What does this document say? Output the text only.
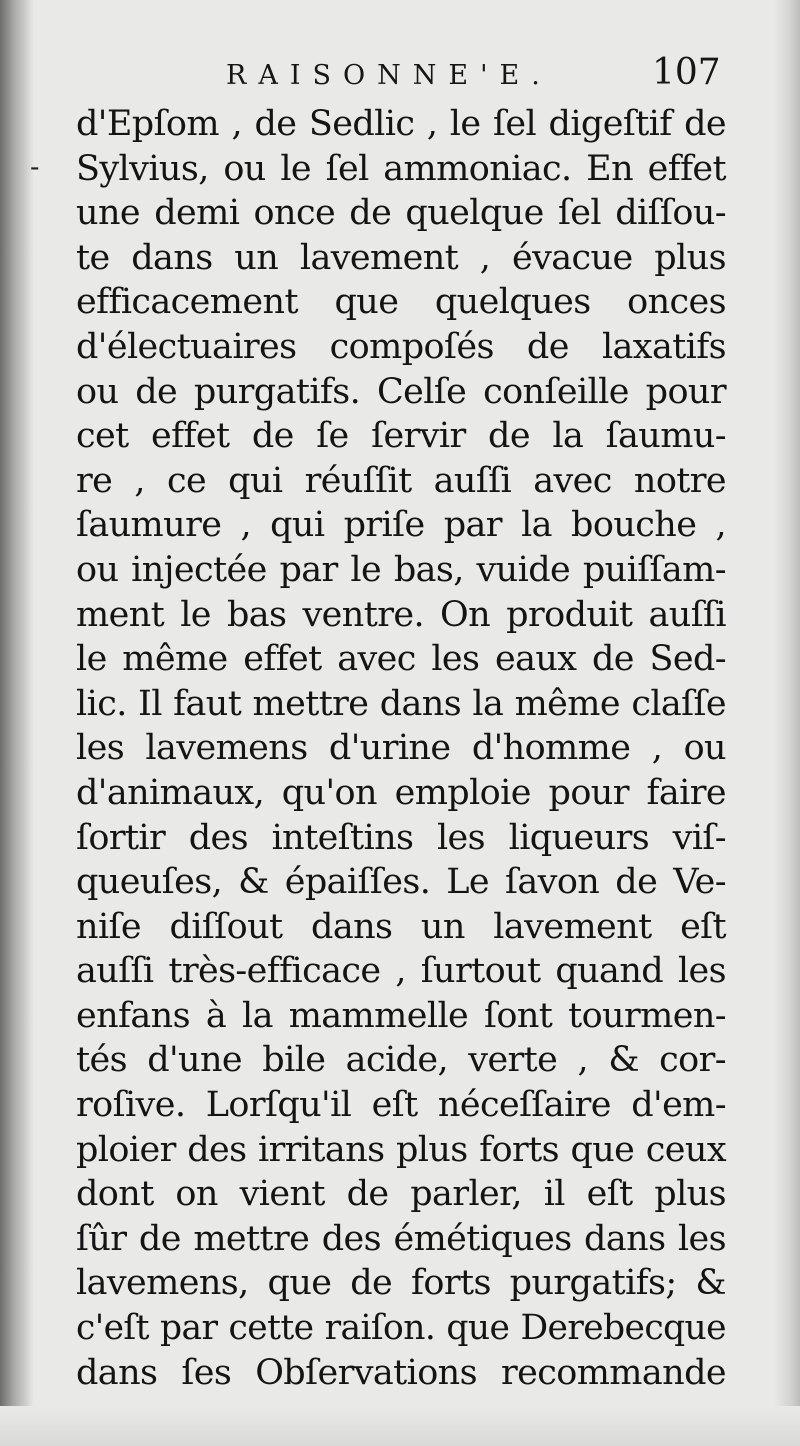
RAISONNE'E.	107
-
d'Epſom , de Sedlic , le ſel digeſtif de
Sylvius, ou le ſel ammoniac. En effet
une demi once de quelque ſel diſſou-
te dans un lavement , évacue plus
efficacement que quelques onces
d'électuaires compoſés de laxatifs
ou de purgatifs. Celſe conſeille pour
cet effet de ſe ſervir de la ſaumu-
re , ce qui réuſſit auſſi avec notre
ſaumure , qui priſe par la bouche ,
ou injectée par le bas, vuide puiſſam-
ment le bas ventre. On produit auſſi
le même effet avec les eaux de Sed-
lic. Il faut mettre dans la même claſſe
les lavemens d'urine d'homme , ou
d'animaux, qu'on emploie pour faire
ſortir des inteſtins les liqueurs viſ-
queuſes, & épaiſſes. Le ſavon de Ve-
niſe diſſout dans un lavement eſt
auſſi très-efficace , ſurtout quand les
enfans à la mammelle ſont tourmen-
tés d'une bile acide, verte , & cor-
roſive. Lorſqu'il eſt néceſſaire d'em-
ploier des irritans plus forts que ceux
dont on vient de parler, il eſt plus
ſûr de mettre des émétiques dans les
lavemens, que de forts purgatifs; &
c'eſt par cette raiſon. que Derebecque
dans ſes Obſervations recommande
